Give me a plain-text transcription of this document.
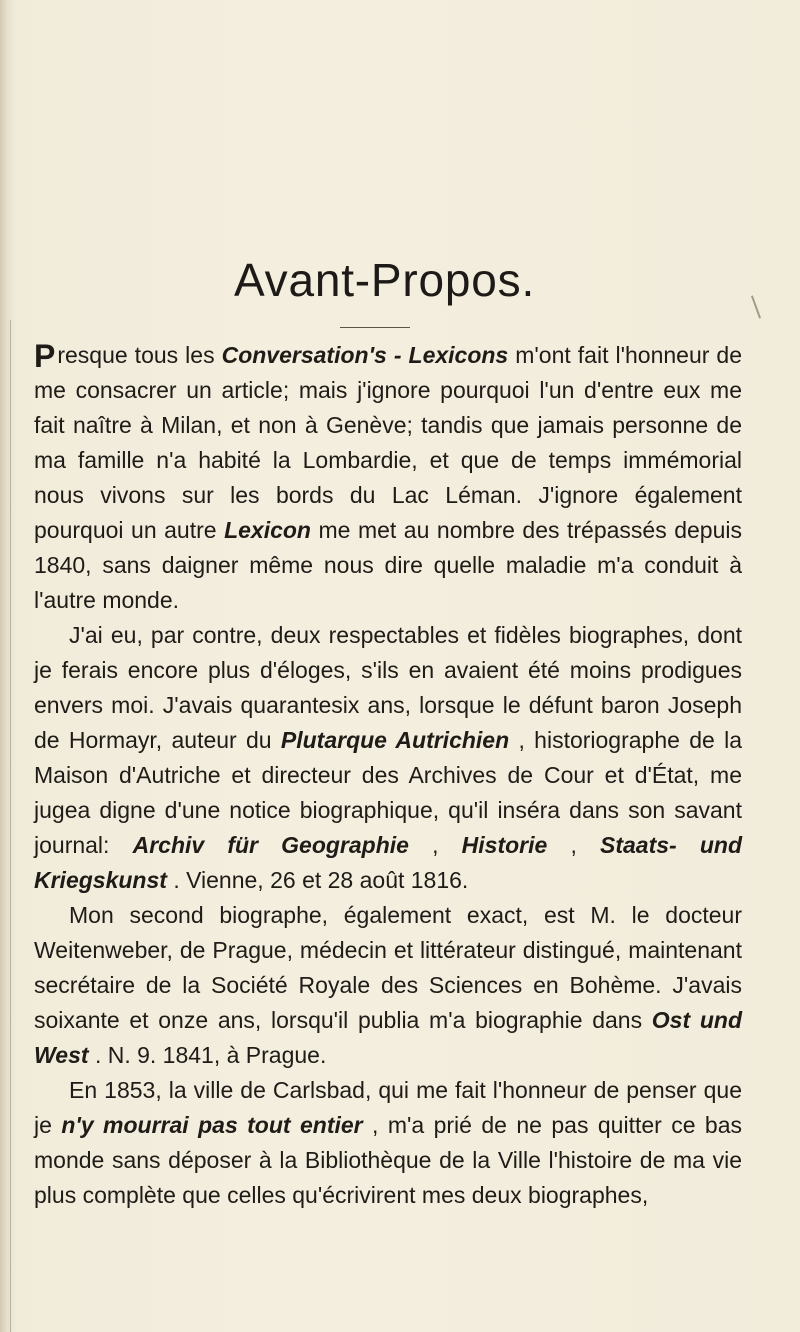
Avant-Propos.

P resque tous les Conversation's - Lexicons m'ont fait l'honneur de me consacrer un article; mais j'ignore pourquoi l'un d'entre eux me fait naître à Milan, et non à Genève; tandis que jamais personne de ma famille n'a habité la Lombardie, et que de temps immémorial nous vivons sur les bords du Lac Léman. J'ignore également pourquoi un autre Lexicon me met au nombre des trépassés depuis 1840, sans daigner même nous dire quelle maladie m'a conduit à l'autre monde.

J'ai eu, par contre, deux respectables et fidèles biographes, dont je ferais encore plus d'éloges, s'ils en avaient été moins prodigues envers moi. J'avais quarantesix ans, lorsque le défunt baron Joseph de Hormayr, auteur du Plutarque Autrichien , historiographe de la Maison d'Autriche et directeur des Archives de Cour et d'État, me jugea digne d'une notice biographique, qu'il inséra dans son savant journal: Archiv für Geographie , Historie , Staats- und Kriegskunst . Vienne, 26 et 28 août 1816.

Mon second biographe, également exact, est M. le docteur Weitenweber, de Prague, médecin et littérateur distingué, maintenant secrétaire de la Société Royale des Sciences en Bohème. J'avais soixante et onze ans, lorsqu'il publia m'a biographie dans Ost und West . N. 9. 1841, à Prague.

En 1853, la ville de Carlsbad, qui me fait l'honneur de penser que je n'y mourrai pas tout entier , m'a prié de ne pas quitter ce bas monde sans déposer à la Bibliothèque de la Ville l'histoire de ma vie plus complète que celles qu'écrivirent mes deux biographes,
